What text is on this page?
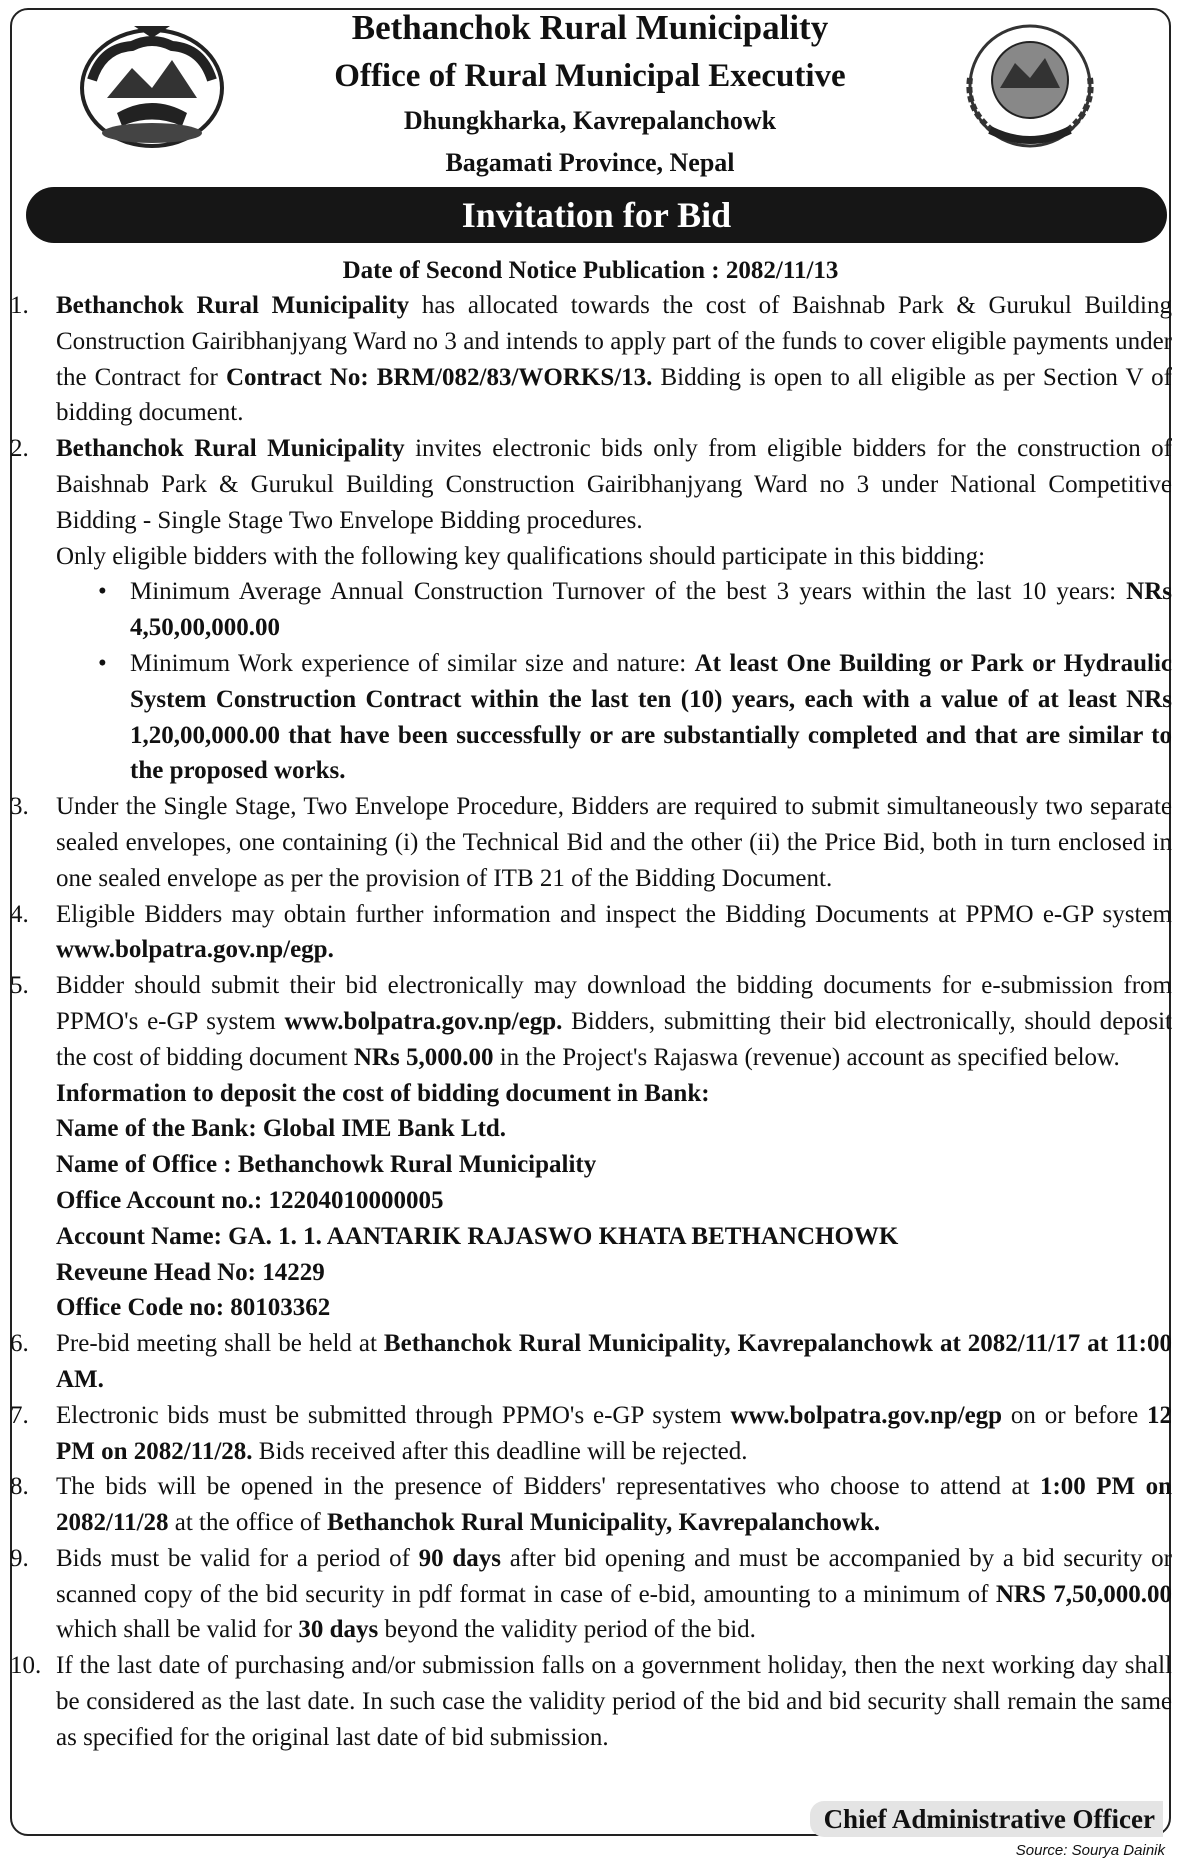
Bethanchok Rural Municipality
Office of Rural Municipal Executive
Dhungkharka, Kavrepalanchowk
Bagamati Province, Nepal
Invitation for Bid
Date of Second Notice Publication : 2082/11/13
1. Bethanchok Rural Municipality has allocated towards the cost of Baishnab Park & Gurukul Building Construction Gairibhanjyang Ward no 3 and intends to apply part of the funds to cover eligible payments under the Contract for Contract No: BRM/082/83/WORKS/13. Bidding is open to all eligible as per Section V of bidding document.
2. Bethanchok Rural Municipality invites electronic bids only from eligible bidders for the construction of Baishnab Park & Gurukul Building Construction Gairibhanjyang Ward no 3 under National Competitive Bidding - Single Stage Two Envelope Bidding procedures.
Only eligible bidders with the following key qualifications should participate in this bidding:
• Minimum Average Annual Construction Turnover of the best 3 years within the last 10 years: NRs 4,50,00,000.00
• Minimum Work experience of similar size and nature: At least One Building or Park or Hydraulic System Construction Contract within the last ten (10) years, each with a value of at least NRs 1,20,00,000.00 that have been successfully or are substantially completed and that are similar to the proposed works.
3. Under the Single Stage, Two Envelope Procedure, Bidders are required to submit simultaneously two separate sealed envelopes, one containing (i) the Technical Bid and the other (ii) the Price Bid, both in turn enclosed in one sealed envelope as per the provision of ITB 21 of the Bidding Document.
4. Eligible Bidders may obtain further information and inspect the Bidding Documents at PPMO e-GP system www.bolpatra.gov.np/egp.
5. Bidder should submit their bid electronically may download the bidding documents for e-submission from PPMO's e-GP system www.bolpatra.gov.np/egp. Bidders, submitting their bid electronically, should deposit the cost of bidding document NRs 5,000.00 in the Project's Rajaswa (revenue) account as specified below.
Information to deposit the cost of bidding document in Bank:
Name of the Bank: Global IME Bank Ltd.
Name of Office : Bethanchowk Rural Municipality
Office Account no.: 12204010000005
Account Name: GA. 1. 1. AANTARIK RAJASWO KHATA BETHANCHOWK
Reveune Head No: 14229
Office Code no: 80103362
6. Pre-bid meeting shall be held at Bethanchok Rural Municipality, Kavrepalanchowk at 2082/11/17 at 11:00 AM.
7. Electronic bids must be submitted through PPMO's e-GP system www.bolpatra.gov.np/egp on or before 12 PM on 2082/11/28. Bids received after this deadline will be rejected.
8. The bids will be opened in the presence of Bidders' representatives who choose to attend at 1:00 PM on 2082/11/28 at the office of Bethanchok Rural Municipality, Kavrepalanchowk.
9. Bids must be valid for a period of 90 days after bid opening and must be accompanied by a bid security or scanned copy of the bid security in pdf format in case of e-bid, amounting to a minimum of NRS 7,50,000.00 which shall be valid for 30 days beyond the validity period of the bid.
10. If the last date of purchasing and/or submission falls on a government holiday, then the next working day shall be considered as the last date. In such case the validity period of the bid and bid security shall remain the same as specified for the original last date of bid submission.
Chief Administrative Officer
Source: Sourya Dainik
